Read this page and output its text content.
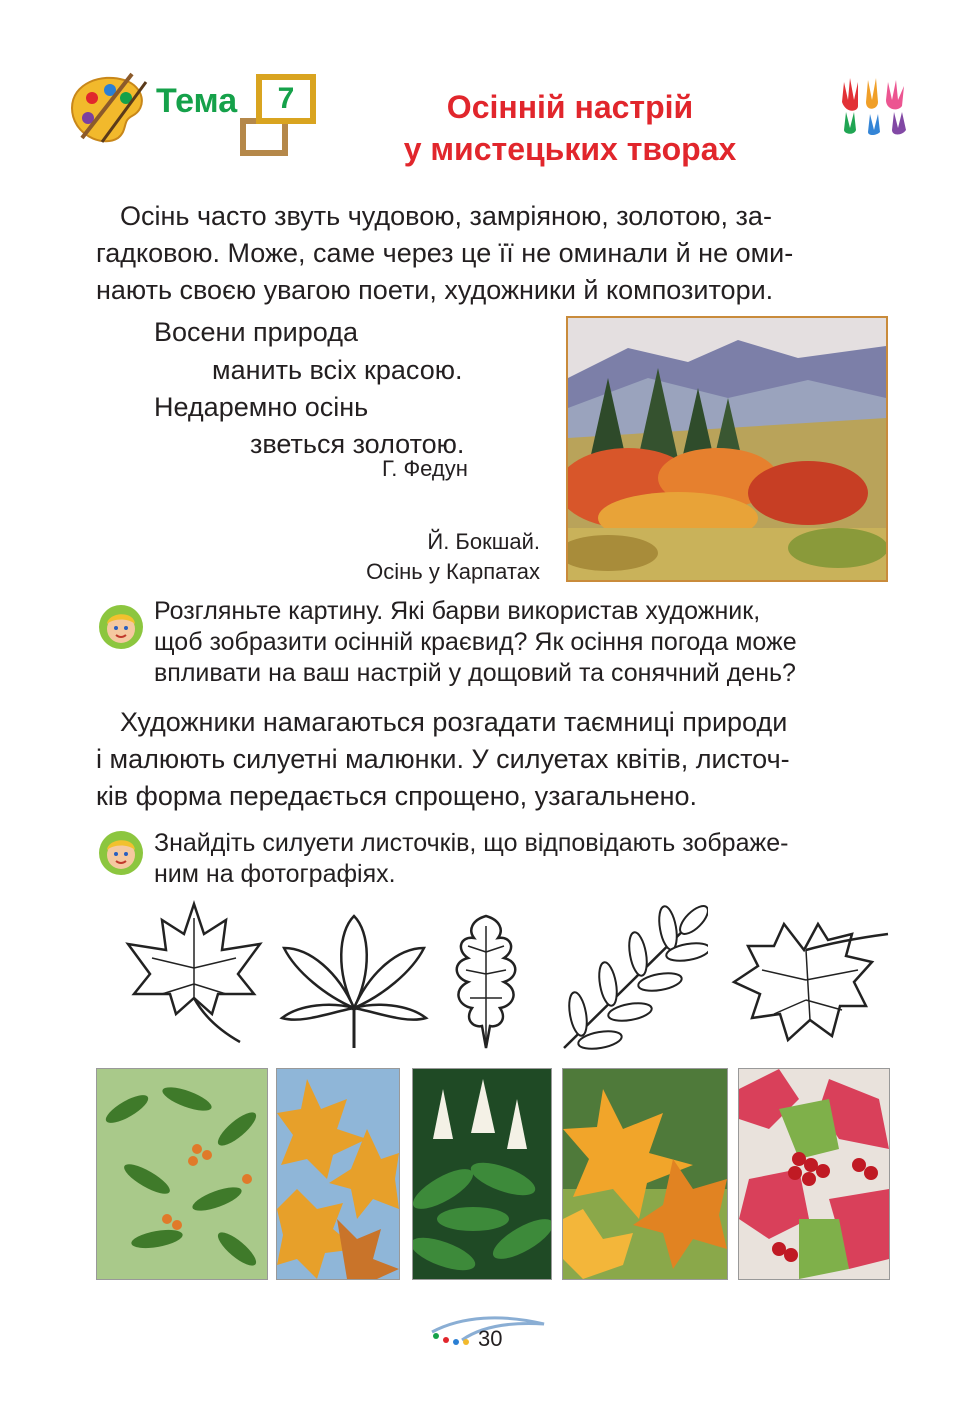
Тема	7	Осінній настрій
у мистецьких творах
Осінь часто звуть чудовою, замріяною, золотою, за-
гадковою. Може, саме через це її не оминали й не оми-
нають своєю увагою поети, художники й композитори.
Восени природа
манить всіх красою.
Недаремно осінь
зветься золотою.
Г. Федун
Й. Бокшай.
Осінь у Карпатах
Розгляньте картину. Які барви використав художник,
щоб зобразити осінній краєвид? Як осіння погода може
впливати на ваш настрій у дощовий та сонячний день?
Художники намагаються розгадати таємниці природи
і малюють силуетні малюнки. У силуетах квітів, листоч-
ків форма передається спрощено, узагальнено.
Знайдіть силуети листочків, що відповідають зображе-
ним на фотографіях.
30
